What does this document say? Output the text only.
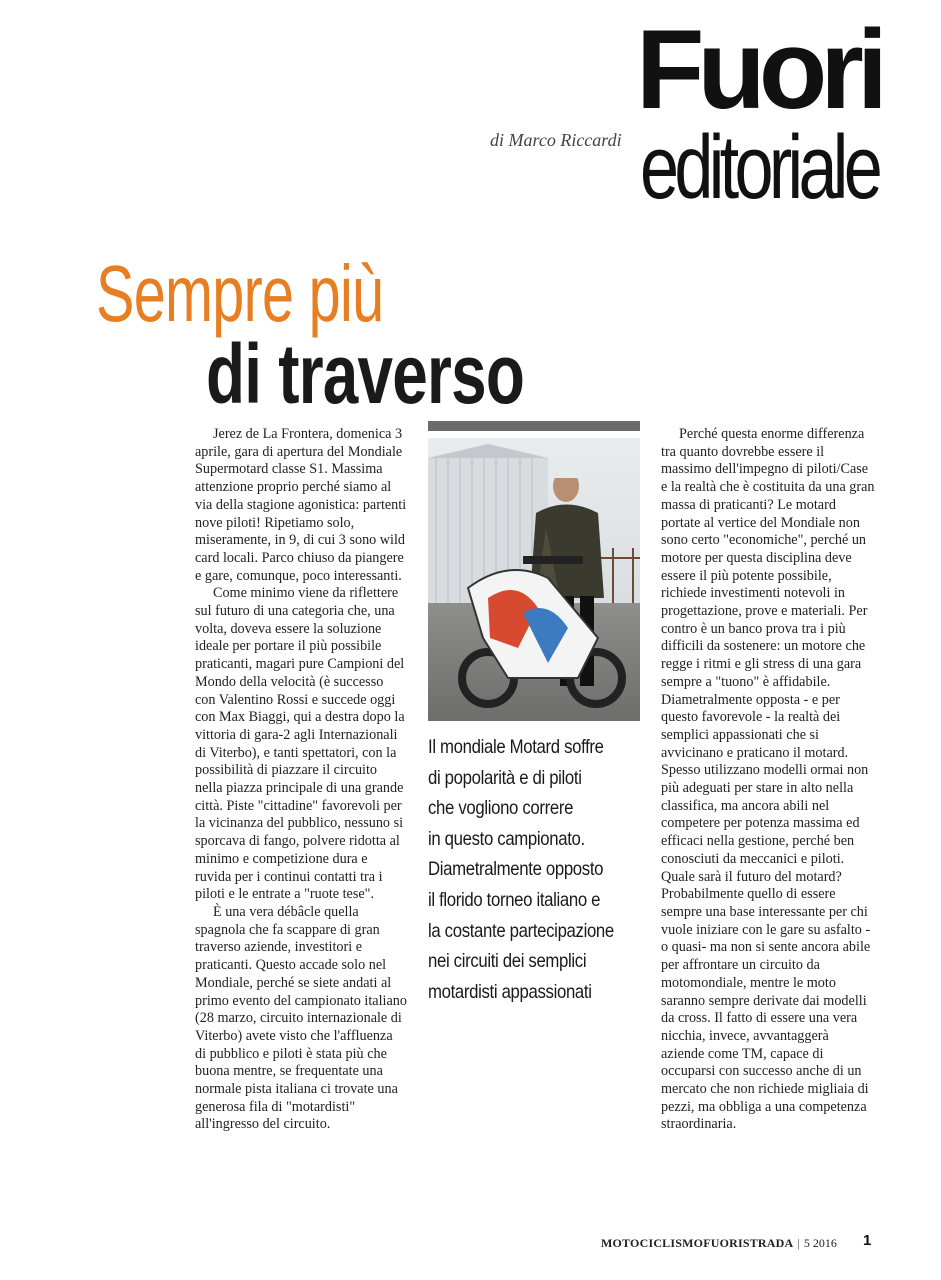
Fuori
editoriale
di Marco Riccardi
Sempre più
di traverso

Jerez de La Frontera, domenica 3 aprile, gara di apertura del Mondiale Supermotard classe S1. Massima attenzione proprio perché siamo al via della stagione agonistica: partenti nove piloti! Ripetiamo solo, miseramente, in 9, di cui 3 sono wild card locali. Parco chiuso da piangere e gare, comunque, poco interessanti.

Come minimo viene da riflettere sul futuro di una categoria che, una volta, doveva essere la soluzione ideale per portare il più possibile praticanti, magari pure Campioni del Mondo della velocità (è successo con Valentino Rossi e succede oggi con Max Biaggi, qui a destra dopo la vittoria di gara-2 agli Internazionali di Viterbo), e tanti spettatori, con la possibilità di piazzare il circuito nella piazza principale di una grande città. Piste "cittadine" favorevoli per la vicinanza del pubblico, nessuno si sporcava di fango, polvere ridotta al minimo e competizione dura e ruvida per i continui contatti tra i piloti e le entrate a "ruote tese".

È una vera débâcle quella spagnola che fa scappare di gran traverso aziende, investitori e praticanti. Questo accade solo nel Mondiale, perché se siete andati al primo evento del campionato italiano (28 marzo, circuito internazionale di Viterbo) avete visto che l'affluenza di pubblico e piloti è stata più che buona mentre, se frequentate una normale pista italiana ci trovate una generosa fila di "motardisti" all'ingresso del circuito.

Il mondiale Motard soffre
di popolarità e di piloti
che vogliono correre
in questo campionato.
Diametralmente opposto
il florido torneo italiano e
la costante partecipazione
nei circuiti dei semplici
motardisti appassionati

Perché questa enorme differenza tra quanto dovrebbe essere il massimo dell'impegno di piloti/Case e la realtà che è costituita da una gran massa di praticanti? Le motard portate al vertice del Mondiale non sono certo "economiche", perché un motore per questa disciplina deve essere il più potente possibile, richiede investimenti notevoli in progettazione, prove e materiali. Per contro è un banco prova tra i più difficili da sostenere: un motore che regge i ritmi e gli stress di una gara sempre a "tuono" è affidabile. Diametralmente opposta - e per questo favorevole - la realtà dei semplici appassionati che si avvicinano e praticano il motard. Spesso utilizzano modelli ormai non più adeguati per stare in alto nella classifica, ma ancora abili nel competere per potenza massima ed efficaci nella gestione, perché ben conosciuti da meccanici e piloti. Quale sarà il futuro del motard? Probabilmente quello di essere sempre una base interessante per chi vuole iniziare con le gare su asfalto - o quasi- ma non si sente ancora abile per affrontare un circuito da motomondiale, mentre le moto saranno sempre derivate dai modelli da cross. Il fatto di essere una vera nicchia, invece, avvantaggerà aziende come TM, capace di occuparsi con successo anche di un mercato che non richiede migliaia di pezzi, ma obbliga a una competenza straordinaria.

MOTOCICLISMOFUORISTRADA | 5 2016 1
